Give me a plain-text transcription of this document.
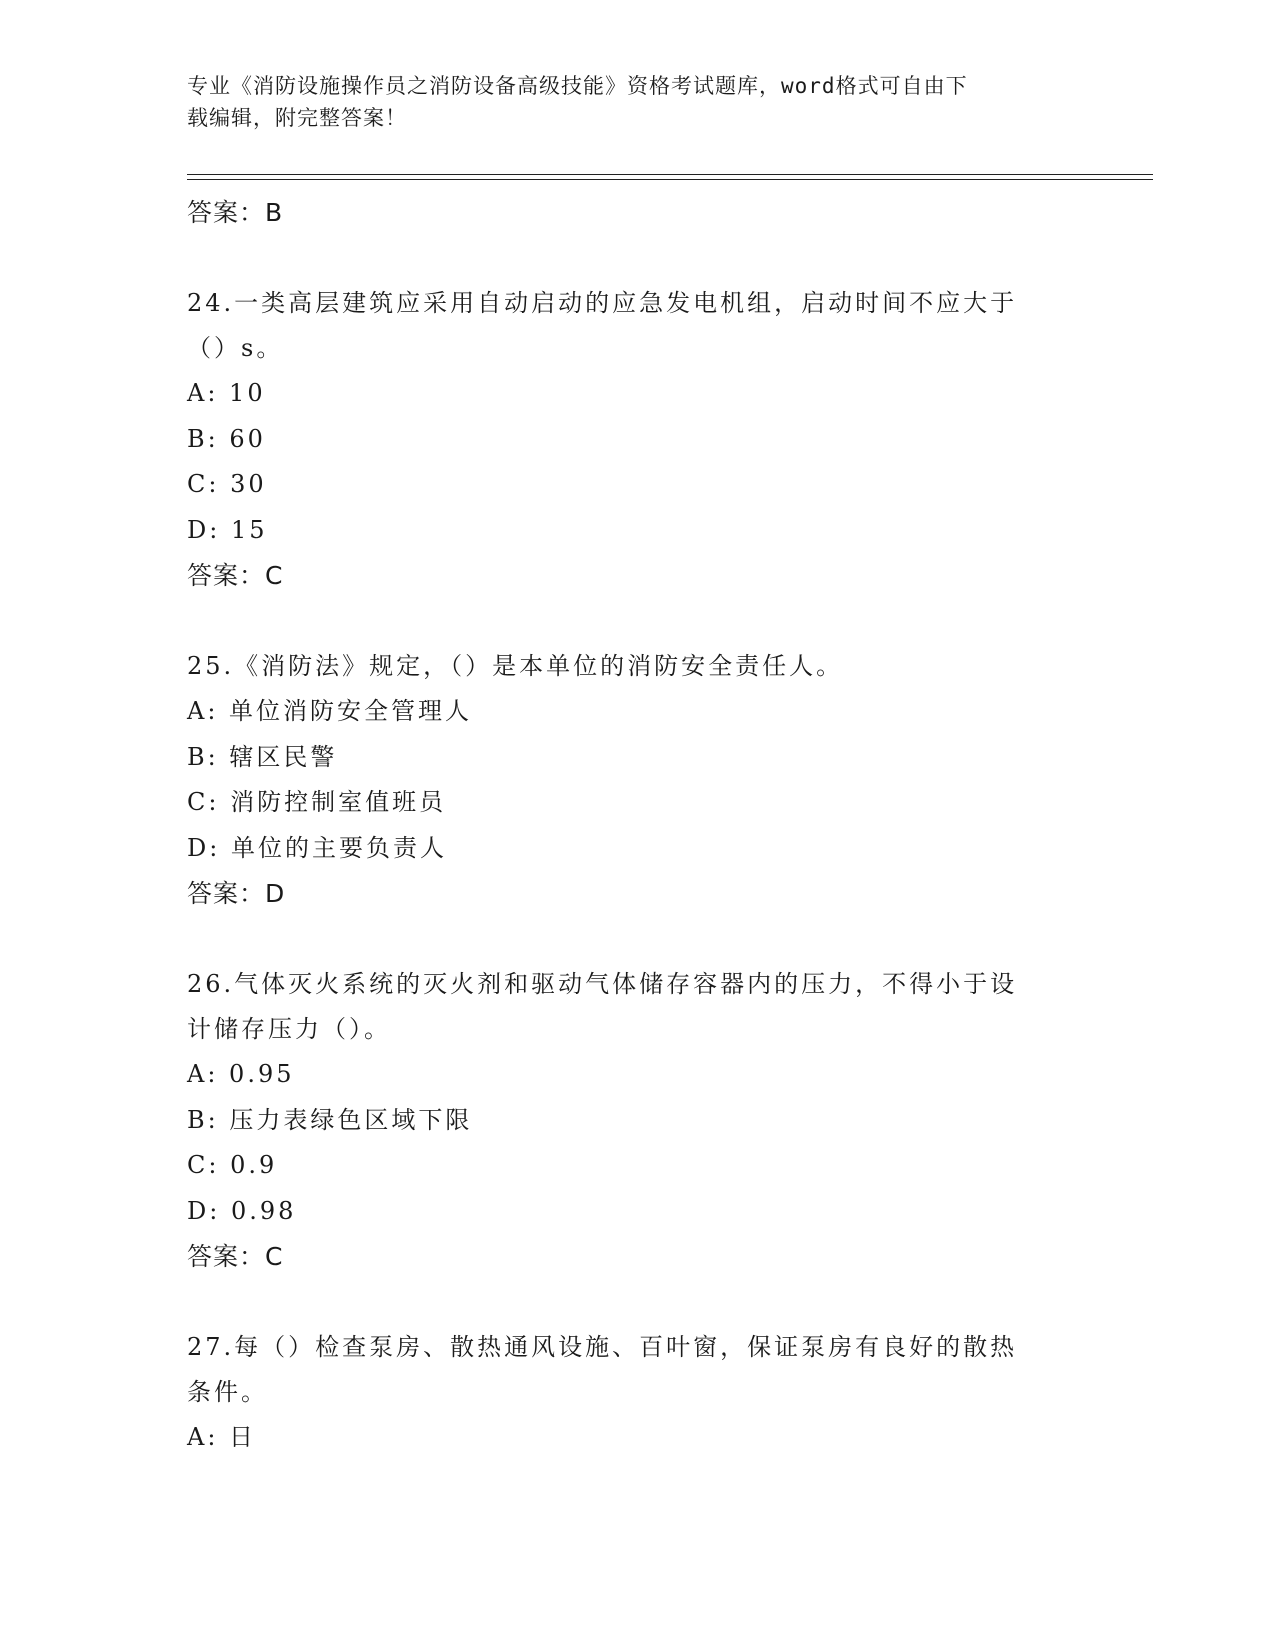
专业《消防设施操作员之消防设备高级技能》资格考试题库，word格式可自由下
载编辑，附完整答案！
答案：B
24.一类高层建筑应采用自动启动的应急发电机组，启动时间不应大于
（）s。
A: 10
B: 60
C: 30
D: 15
答案：C
25.《消防法》规定，（）是本单位的消防安全责任人。
A: 单位消防安全管理人
B: 辖区民警
C: 消防控制室值班员
D: 单位的主要负责人
答案：D
26.气体灭火系统的灭火剂和驱动气体储存容器内的压力，不得小于设
计储存压力（）。
A: 0.95
B: 压力表绿色区域下限
C: 0.9
D: 0.98
答案：C
27.每（）检查泵房、散热通风设施、百叶窗，保证泵房有良好的散热
条件。
A: 日
